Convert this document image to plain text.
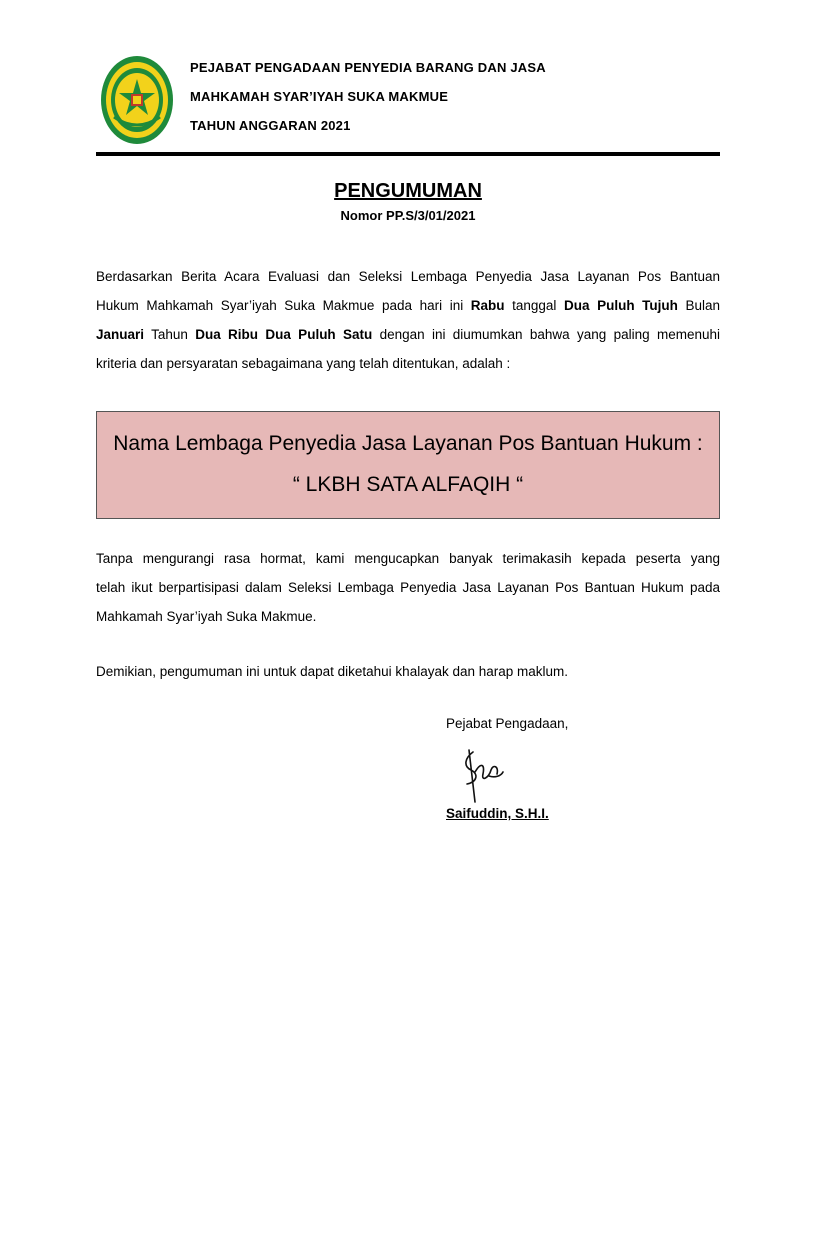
PEJABAT PENGADAAN PENYEDIA BARANG DAN JASA
MAHKAMAH SYAR’IYAH SUKA MAKMUE
TAHUN ANGGARAN 2021
PENGUMUMAN
Nomor PP.S/3/01/2021
Berdasarkan Berita Acara Evaluasi dan Seleksi Lembaga Penyedia Jasa Layanan Pos Bantuan
Hukum Mahkamah Syar’iyah Suka Makmue pada hari ini Rabu tanggal Dua Puluh Tujuh Bulan
Januari Tahun Dua Ribu Dua Puluh Satu dengan ini diumumkan bahwa yang paling memenuhi
kriteria dan persyaratan sebagaimana yang telah ditentukan, adalah :
Nama Lembaga Penyedia Jasa Layanan Pos Bantuan Hukum :
“ LKBH SATA ALFAQIH “
Tanpa mengurangi rasa hormat, kami mengucapkan banyak terimakasih kepada peserta yang
telah ikut berpartisipasi dalam Seleksi Lembaga Penyedia Jasa Layanan Pos Bantuan Hukum pada
Mahkamah Syar’iyah Suka Makmue.
Demikian, pengumuman ini untuk dapat diketahui khalayak dan harap maklum.
Pejabat Pengadaan,
Saifuddin, S.H.I.
